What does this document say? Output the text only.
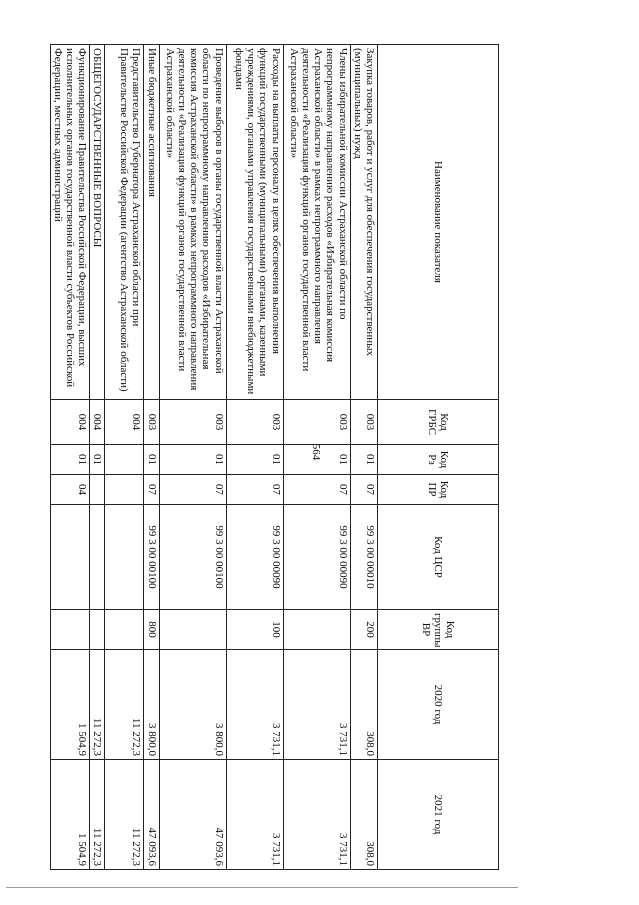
564
Наименование показателя	Код ГРБС	Код Рз	Код ПР	Код ЦСР	Код группы ВР	2020 год	2021 год
Закупка товаров, работ и услуг для обеспечения государственных (муниципальных) нужд	003	01	07	99 3 00 00010	200	308,0	308,0
Члены избирательной комиссии Астраханской области по непрограммному направлению расходов «Избирательная комиссия Астраханской области» в рамках непрограммного направления деятельности «Реализация функций органов государственной власти Астраханской области»	003	01	07	99 3 00 00090		3 731,1	3 731,1
Расходы на выплаты персоналу в целях обеспечения выполнения функций государственными (муниципальными) органами, казенными учреждениями, органами управления государственными внебюджетными фондами	003	01	07	99 3 00 00090	100	3 731,1	3 731,1
Проведение выборов в органы государственной власти Астраханской области по непрограммному направлению расходов «Избирательная комиссия Астраханской области» в рамках непрограммного направления деятельности «Реализация функций органов государственной власти Астраханской области»	003	01	07	99 3 00 00100		3 800,0	47 093,6
Иные бюджетные ассигнования	003	01	07	99 3 00 00100	800	3 800,0	47 093,6
Представительство Губернатора Астраханской области при Правительстве Российской Федерации (агентство Астраханской области)	004					11 272,3	11 272,3
ОБЩЕГОСУДАРСТВЕННЫЕ ВОПРОСЫ	004	01				11 272,3	11 272,3
Функционирование Правительства Российской Федерации, высших исполнительных органов государственной власти субъектов Российской Федерации, местных администраций	004	01	04			1 504,9	1 504,9
